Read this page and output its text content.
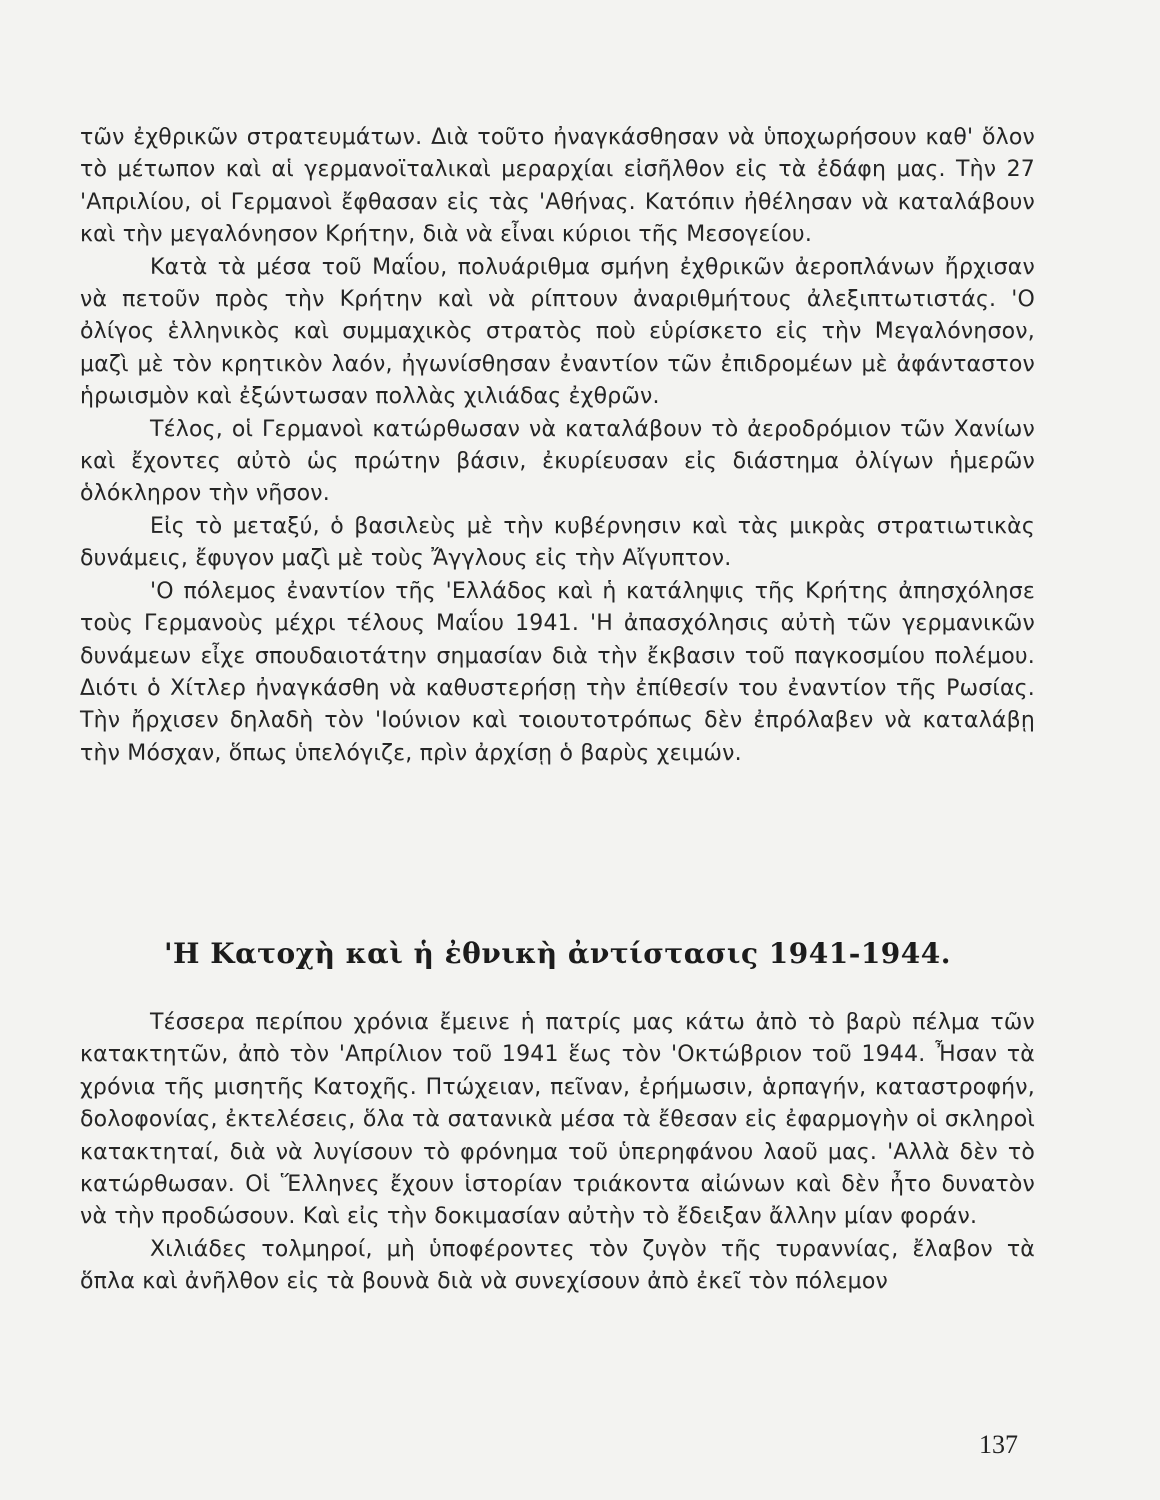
τῶν ἐχθρικῶν στρατευμάτων. Διὰ τοῦτο ἠναγκάσθησαν νὰ ὑποχωρήσουν καθ' ὅλον τὸ μέτωπον καὶ αἱ γερμανοϊταλικαὶ μεραρχίαι εἰσῆλθον εἰς τὰ ἐδάφη μας. Τὴν 27 'Απριλίου, οἱ Γερμανοὶ ἔφθασαν εἰς τὰς 'Αθήνας. Κατόπιν ἠθέλησαν νὰ καταλάβουν καὶ τὴν μεγαλόνησον Κρήτην, διὰ νὰ εἶναι κύριοι τῆς Μεσογείου.

Κατὰ τὰ μέσα τοῦ Μαΐου, πολυάριθμα σμήνη ἐχθρικῶν ἀεροπλάνων ἤρχισαν νὰ πετοῦν πρὸς τὴν Κρήτην καὶ νὰ ρίπτουν ἀναριθμήτους ἀλεξιπτωτιστάς. 'Ο ὀλίγος ἑλληνικὸς καὶ συμμαχικὸς στρατὸς ποὺ εὑρίσκετο εἰς τὴν Μεγαλόνησον, μαζὶ μὲ τὸν κρητικὸν λαόν, ἠγωνίσθησαν ἐναντίον τῶν ἐπιδρομέων μὲ ἀφάνταστον ἡρωισμὸν καὶ ἐξώντωσαν πολλὰς χιλιάδας ἐχθρῶν.

Τέλος, οἱ Γερμανοὶ κατώρθωσαν νὰ καταλάβουν τὸ ἀεροδρόμιον τῶν Χανίων καὶ ἔχοντες αὐτὸ ὡς πρώτην βάσιν, ἐκυρίευσαν εἰς διάστημα ὀλίγων ἡμερῶν ὁλόκληρον τὴν νῆσον.

Εἰς τὸ μεταξύ, ὁ βασιλεὺς μὲ τὴν κυβέρνησιν καὶ τὰς μικρὰς στρατιωτικὰς δυνάμεις, ἔφυγον μαζὶ μὲ τοὺς Ἄγγλους εἰς τὴν Αἴγυπτον.

'Ο πόλεμος ἐναντίον τῆς 'Ελλάδος καὶ ἡ κατάληψις τῆς Κρήτης ἀπησχόλησε τοὺς Γερμανοὺς μέχρι τέλους Μαΐου 1941. 'Η ἀπασχόλησις αὐτὴ τῶν γερμανικῶν δυνάμεων εἶχε σπουδαιοτάτην σημασίαν διὰ τὴν ἔκβασιν τοῦ παγκοσμίου πολέμου. Διότι ὁ Χίτλερ ἠναγκάσθη νὰ καθυστερήσῃ τὴν ἐπίθεσίν του ἐναντίον τῆς Ρωσίας. Τὴν ἤρχισεν δηλαδὴ τὸν 'Ιούνιον καὶ τοιουτοτρόπως δὲν ἐπρόλαβεν νὰ καταλάβῃ τὴν Μόσχαν, ὅπως ὑπελόγιζε, πρὶν ἀρχίσῃ ὁ βαρὺς χειμών.

'Η Κατοχὴ καὶ ἡ ἐθνικὴ ἀντίστασις 1941-1944.

Τέσσερα περίπου χρόνια ἔμεινε ἡ πατρίς μας κάτω ἀπὸ τὸ βαρὺ πέλμα τῶν κατακτητῶν, ἀπὸ τὸν 'Απρίλιον τοῦ 1941 ἕως τὸν 'Οκτώβριον τοῦ 1944. Ἦσαν τὰ χρόνια τῆς μισητῆς Κατοχῆς. Πτώχειαν, πεῖναν, ἐρήμωσιν, ἁρπαγήν, καταστροφήν, δολοφονίας, ἐκτελέσεις, ὅλα τὰ σατανικὰ μέσα τὰ ἔθεσαν εἰς ἐφαρμογὴν οἱ σκληροὶ κατακτηταί, διὰ νὰ λυγίσουν τὸ φρόνημα τοῦ ὑπερηφάνου λαοῦ μας. 'Αλλὰ δὲν τὸ κατώρθωσαν. Οἱ Ἕλληνες ἔχουν ἱστορίαν τριάκοντα αἰώνων καὶ δὲν ἦτο δυνατὸν νὰ τὴν προδώσουν. Καὶ εἰς τὴν δοκιμασίαν αὐτὴν τὸ ἔδειξαν ἄλλην μίαν φοράν.

Χιλιάδες τολμηροί, μὴ ὑποφέροντες τὸν ζυγὸν τῆς τυραννίας, ἔλαβον τὰ ὅπλα καὶ ἀνῆλθον εἰς τὰ βουνὰ διὰ νὰ συνεχίσουν ἀπὸ ἐκεῖ τὸν πόλεμον

137
